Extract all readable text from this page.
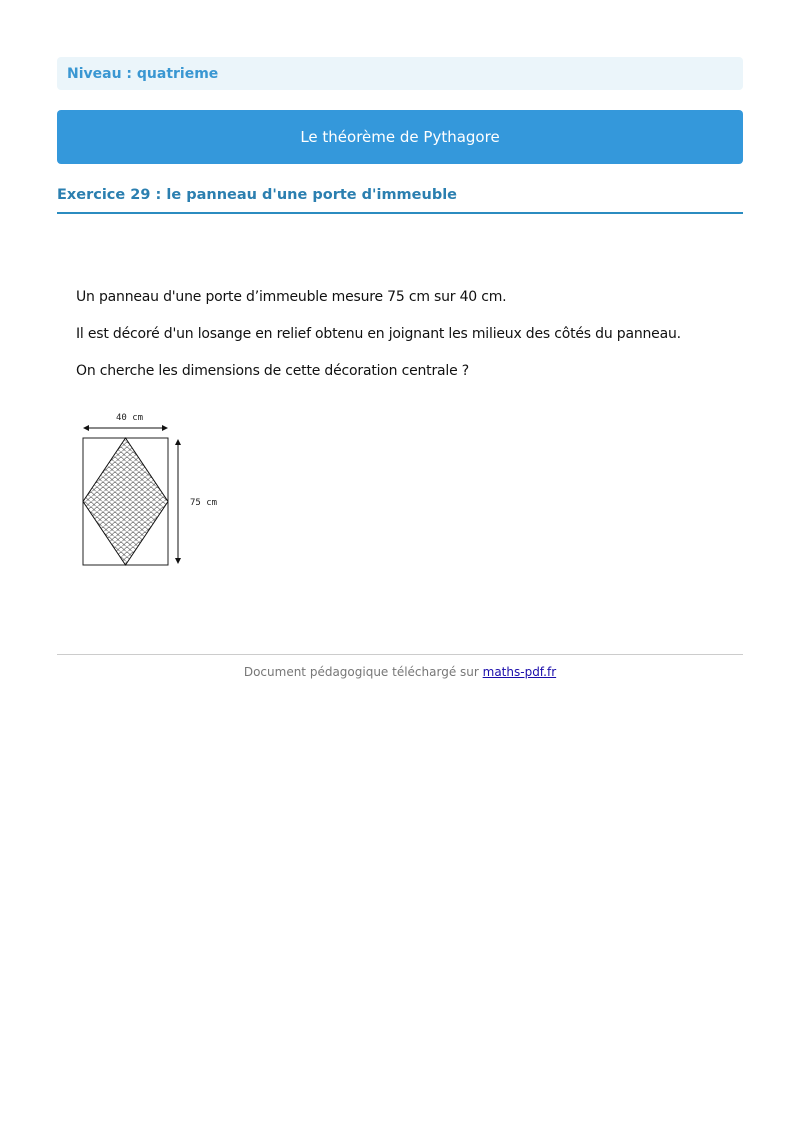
Niveau : quatrieme
Le théorème de Pythagore
Exercice 29 : le panneau d'une porte d'immeuble

Un panneau d'une porte d’immeuble mesure 75 cm sur 40 cm.

Il est décoré d'un losange en relief obtenu en joignant les milieux des côtés du panneau.

On cherche les dimensions de cette décoration centrale ?

40 cm
75 cm
Document pédagogique téléchargé sur maths-pdf.fr
